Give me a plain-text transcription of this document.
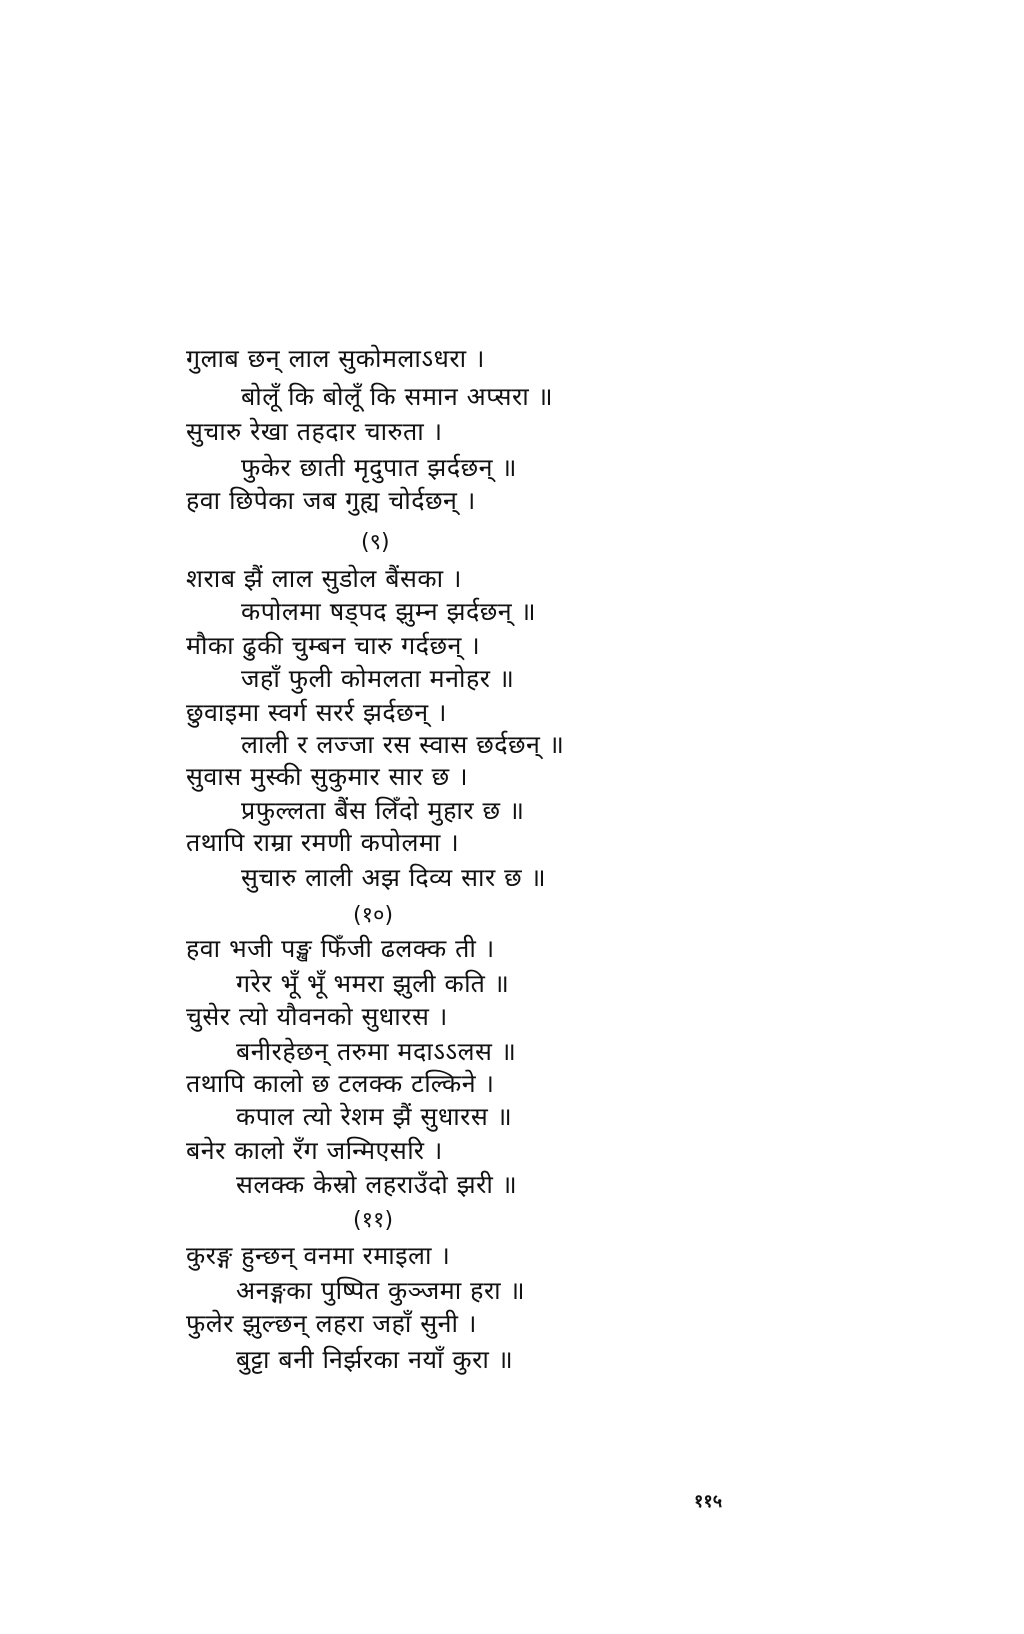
गुलाब छन् लाल सुकोमलाऽधरा ।
बोलूँ कि बोलूँ कि समान अप्सरा ॥
सुचारु रेखा तहदार चारुता ।
फुकेर छाती मृदुपात झर्दछन् ॥
हवा छिपेका जब गुह्य चोर्दछन् ।
(९)
शराब झैं लाल सुडोल बैंसका ।
कपोलमा षड्पद झुम्न झर्दछन् ॥
मौका ढुकी चुम्बन चारु गर्दछन् ।
जहाँ फुली कोमलता मनोहर ॥
छुवाइमा स्वर्ग सरर्र झर्दछन् ।
लाली र लज्जा रस स्वास छर्दछन् ॥
सुवास मुस्की सुकुमार सार छ ।
प्रफुल्लता बैंस लिँदो मुहार छ ॥
तथापि राम्रा रमणी कपोलमा ।
सुचारु लाली अझ दिव्य सार छ ॥
(१०)
हवा भजी पङ्ख फिँजी ढलक्क ती ।
गरेर भूँ भूँ भमरा झुली कति ॥
चुसेर त्यो यौवनको सुधारस ।
बनीरहेछन् तरुमा मदाऽऽलस ॥
तथापि कालो छ टलक्क टल्किने ।
कपाल त्यो रेशम झैं सुधारस ॥
बनेर कालो रँग जन्मिएसरि ।
सलक्क केस्रो लहराउँदो झरी ॥
(११)
कुरङ्ग हुन्छन् वनमा रमाइला ।
अनङ्गका पुष्पित कुञ्जमा हरा ॥
फुलेर झुल्छन् लहरा जहाँ सुनी ।
बुट्टा बनी निर्झरका नयाँ कुरा ॥
११५
